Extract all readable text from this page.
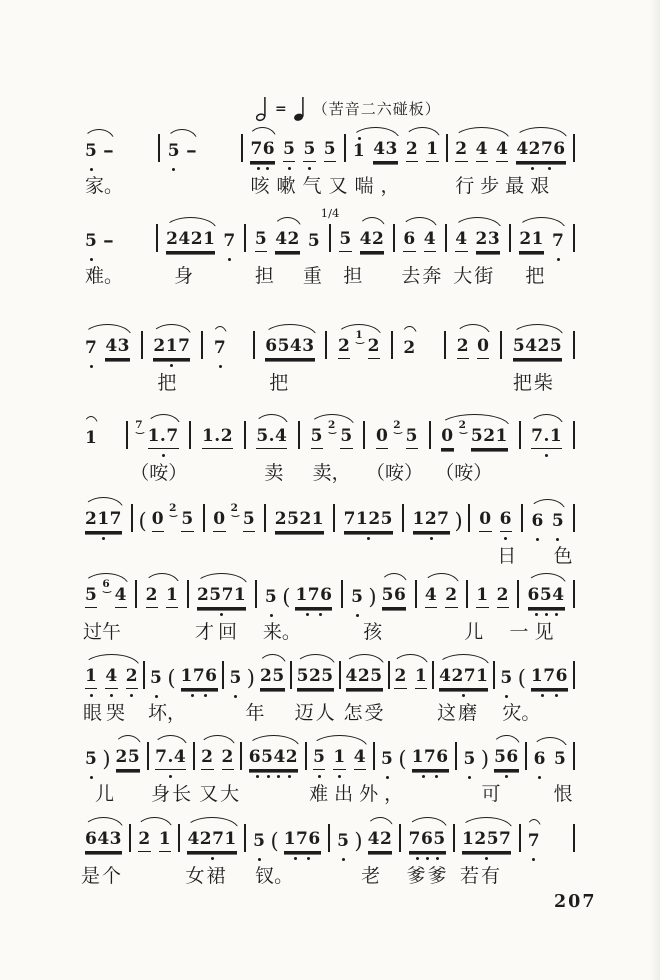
= （苦音二六碰板）
5 -
家。
5 -	76 5 5 5
咳嗽气又喘，
1 43 2 1 2 4 4 4276
行步最艰
5 -
难。
2421 7
身
5 42 5
担 重
1/4
5 42
担
6 4
去奔
4 23
大街
21 7
把
7 43 217
把
7 6543
把
2
1
2 2 2 0 5425
把柴
1
7
1.7
（咹）
1.2 5.4
卖
5
2
5
卖，
0
2
5
（咹）
0
2
521
（咹）
7.1
217 ( 0
2
5 0
2
5 2521 7125 127 ) 0 6
日
6 5
色
5
6
4
过午
2 1 2571
才回
5 ( 176
来。
5 ) 56
孩
4 2 1 2
儿
654
一见
1 4 2
眼哭
5 ( 176
坏，
5 ) 25
年
525
迈人
425
怎受
2 1 4271
这磨
5 ( 176
灾。
5 ) 25
儿
7.4
身长
2 2
又大
6542 5 1 4
难出外，
5 ( 176 5 ) 56
可
6 5
恨
643
是个
2 1 4271
女裙
5 ( 176
钗。
5 ) 42
老
765
爹爹
1257
若有
7
207
